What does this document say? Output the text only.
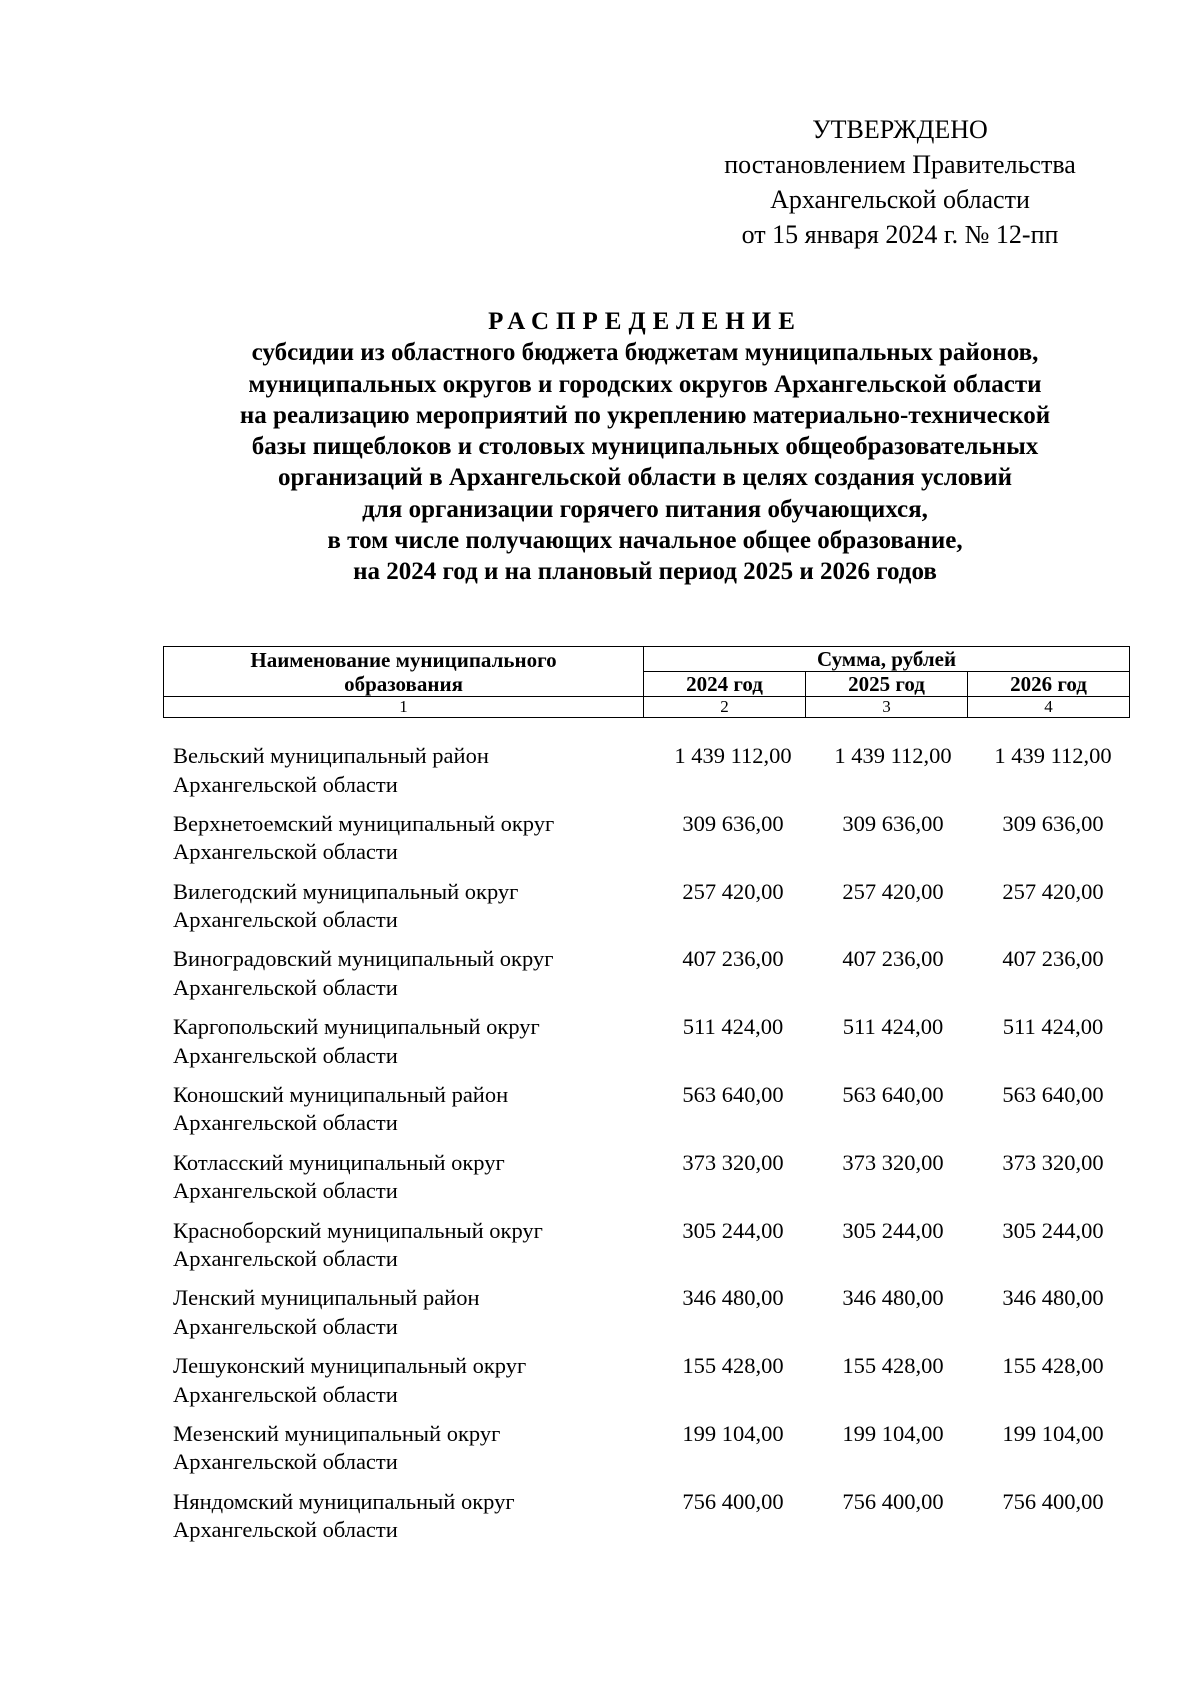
УТВЕРЖДЕНО
постановлением Правительства
Архангельской области
от 15 января 2024 г. № 12-пп
РАСПРЕДЕЛЕНИЕ
субсидии из областного бюджета бюджетам муниципальных районов,
муниципальных округов и городских округов Архангельской области
на реализацию мероприятий по укреплению материально-технической
базы пищеблоков и столовых муниципальных общеобразовательных
организаций в Архангельской области в целях создания условий
для организации горячего питания обучающихся,
в том числе получающих начальное общее образование,
на 2024 год и на плановый период 2025 и 2026 годов
Наименование муниципального
образования	Сумма, рублей		
	2024 год	2025 год	2026 год
1	2	3	4
Вельский муниципальный район
Архангельской области
1 439 112,00	1 439 112,00	1 439 112,00
Верхнетоемский муниципальный округ
Архангельской области
309 636,00	309 636,00	309 636,00
Вилегодский муниципальный округ
Архангельской области
257 420,00	257 420,00	257 420,00
Виноградовский муниципальный округ
Архангельской области
407 236,00	407 236,00	407 236,00
Каргопольский муниципальный округ
Архангельской области
511 424,00	511 424,00	511 424,00
Коношский муниципальный район
Архангельской области
563 640,00	563 640,00	563 640,00
Котласский муниципальный округ
Архангельской области
373 320,00	373 320,00	373 320,00
Красноборский муниципальный округ
Архангельской области
305 244,00	305 244,00	305 244,00
Ленский муниципальный район
Архангельской области
346 480,00	346 480,00	346 480,00
Лешуконский муниципальный округ
Архангельской области
155 428,00	155 428,00	155 428,00
Мезенский муниципальный округ
Архангельской области
199 104,00	199 104,00	199 104,00
Няндомский муниципальный округ
Архангельской области
756 400,00	756 400,00	756 400,00
